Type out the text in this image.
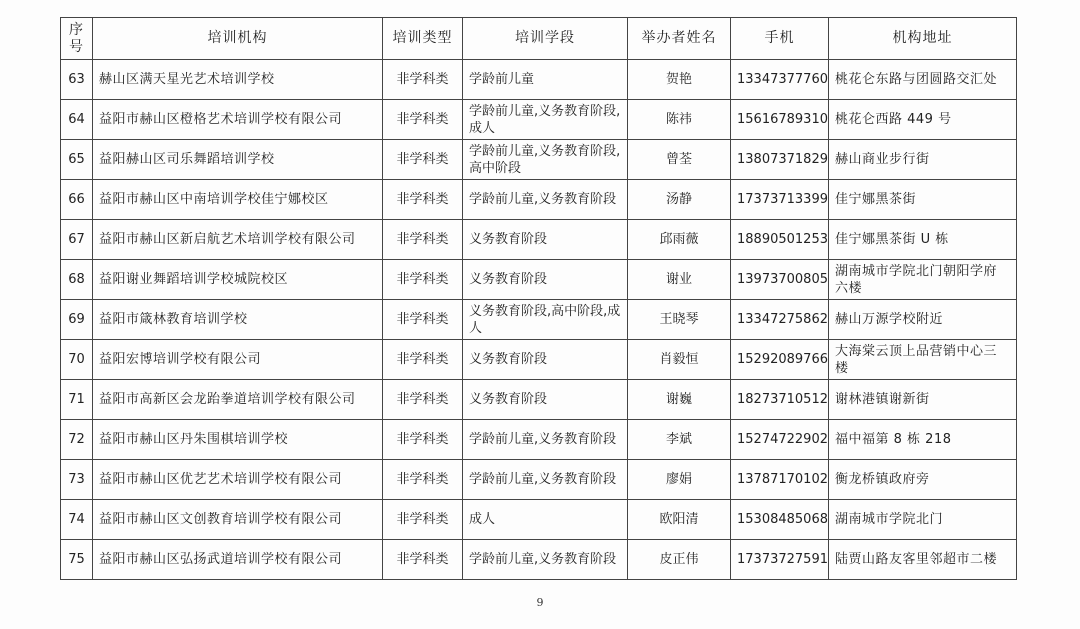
序号	培训机构	培训类型	培训学段	举办者姓名	手机	机构地址
63	赫山区满天星光艺术培训学校	非学科类	学龄前儿童	贺艳	13347377760	桃花仑东路与团圆路交汇处
64	益阳市赫山区橙格艺术培训学校有限公司	非学科类	学龄前儿童,义务教育阶段,成人	陈祎	15616789310	桃花仑西路 449 号
65	益阳赫山区司乐舞蹈培训学校	非学科类	学龄前儿童,义务教育阶段,高中阶段	曾荃	13807371829	赫山商业步行街
66	益阳市赫山区中南培训学校佳宁娜校区	非学科类	学龄前儿童,义务教育阶段	汤静	17373713399	佳宁娜黑茶街
67	益阳市赫山区新启航艺术培训学校有限公司	非学科类	义务教育阶段	邱雨薇	18890501253	佳宁娜黑茶街 U 栋
68	益阳谢业舞蹈培训学校城院校区	非学科类	义务教育阶段	谢业	13973700805	湖南城市学院北门朝阳学府六楼
69	益阳市箴林教育培训学校	非学科类	义务教育阶段,高中阶段,成人	王晓琴	13347275862	赫山万源学校附近
70	益阳宏博培训学校有限公司	非学科类	义务教育阶段	肖毅恒	15292089766	大海棠云顶上品营销中心三楼
71	益阳市高新区会龙跆拳道培训学校有限公司	非学科类	义务教育阶段	谢巍	18273710512	谢林港镇谢新街
72	益阳市赫山区丹朱围棋培训学校	非学科类	学龄前儿童,义务教育阶段	李斌	15274722902	福中福第 8 栋 218
73	益阳市赫山区优艺艺术培训学校有限公司	非学科类	学龄前儿童,义务教育阶段	廖娟	13787170102	衡龙桥镇政府旁
74	益阳市赫山区文创教育培训学校有限公司	非学科类	成人	欧阳清	15308485068	湖南城市学院北门
75	益阳市赫山区弘扬武道培训学校有限公司	非学科类	学龄前儿童,义务教育阶段	皮正伟	17373727591	陆贾山路友客里邻超市二楼
9
